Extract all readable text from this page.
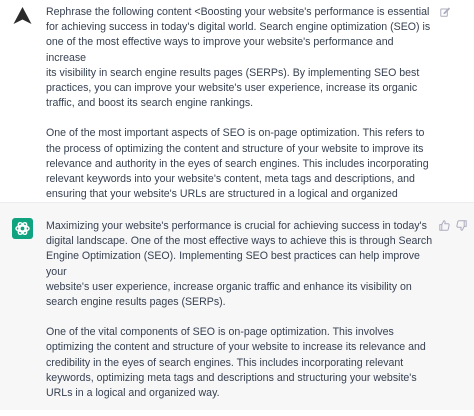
Rephrase the following content <Boosting your website's performance is essential
for achieving success in today's digital world. Search engine optimization (SEO) is
one of the most effective ways to improve your website's performance and increase
its visibility in search engine results pages (SERPs). By implementing SEO best
practices, you can improve your website's user experience, increase its organic
traffic, and boost its search engine rankings.

One of the most important aspects of SEO is on-page optimization. This refers to
the process of optimizing the content and structure of your website to improve its
relevance and authority in the eyes of search engines. This includes incorporating
relevant keywords into your website's content, meta tags and descriptions, and
ensuring that your website's URLs are structured in a logical and organized

Maximizing your website's performance is crucial for achieving success in today's
digital landscape. One of the most effective ways to achieve this is through Search
Engine Optimization (SEO). Implementing SEO best practices can help improve your
website's user experience, increase organic traffic and enhance its visibility on
search engine results pages (SERPs).

One of the vital components of SEO is on-page optimization. This involves
optimizing the content and structure of your website to increase its relevance and
credibility in the eyes of search engines. This includes incorporating relevant
keywords, optimizing meta tags and descriptions and structuring your website's
URLs in a logical and organized way.
